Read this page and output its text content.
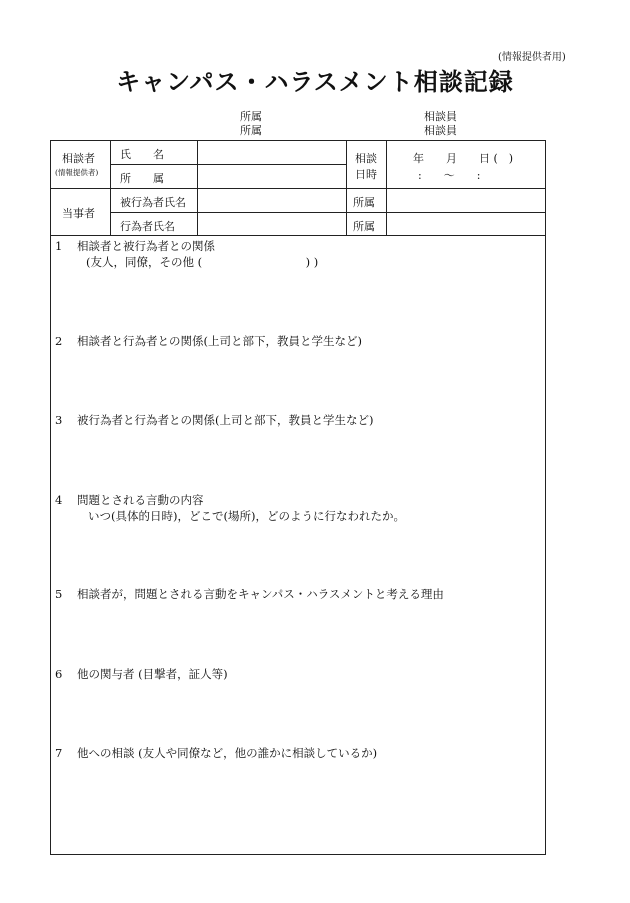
(情報提供者用)
キャンパス・ハラスメント相談記録
所属
所属
相談員
相談員
相談者
(情報提供者)
氏　　名
所　　属
相談
日時
年　　月　　日 (　)
:　　〜　　:
当事者
被行為者氏名
行為者氏名
所属
所属
1 相談者と被行為者との関係
(友人，同僚，その他 (　　　　　　　　　) )
2 相談者と行為者との関係(上司と部下，教員と学生など)
3 被行為者と行為者との関係(上司と部下，教員と学生など)
4 問題とされる言動の内容
いつ(具体的日時)，どこで(場所)，どのように行なわれたか。
5 相談者が，問題とされる言動をキャンパス・ハラスメントと考える理由
6 他の関与者 (目撃者，証人等)
7 他への相談 (友人や同僚など，他の誰かに相談しているか)
